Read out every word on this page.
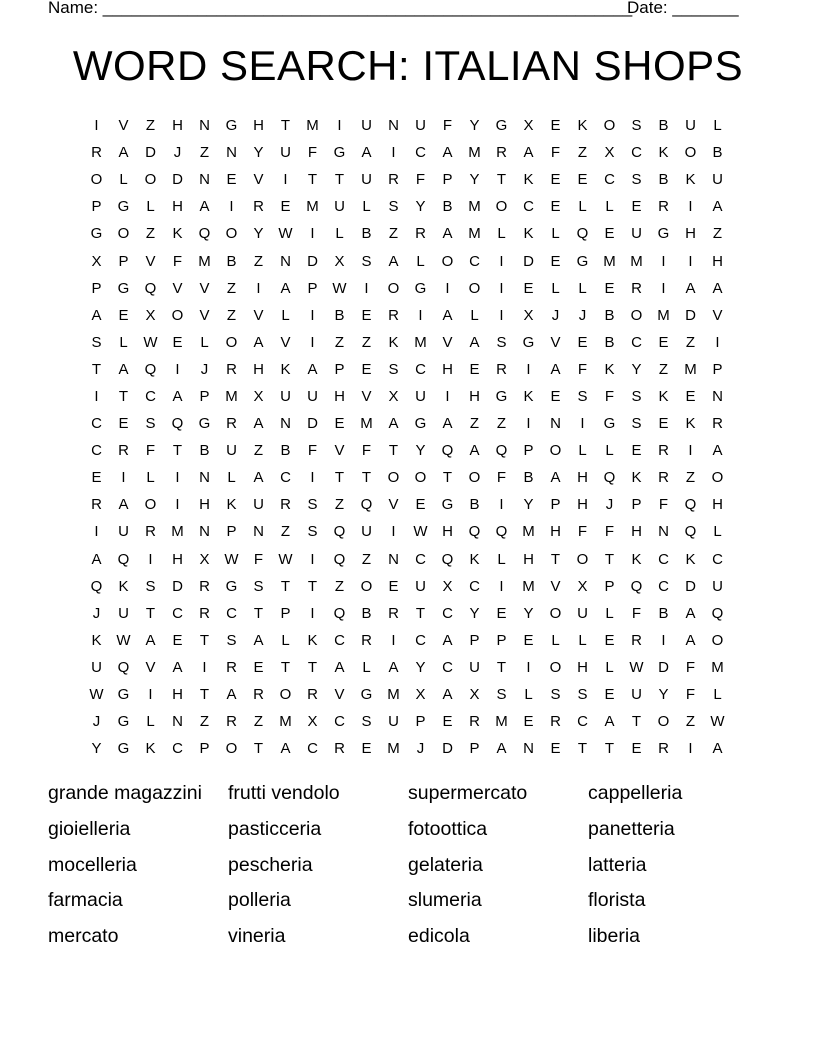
Name: ________________________________________________________
Date: _______
WORD SEARCH: ITALIAN SHOPS
I	V	Z	H	N	G	H	T	M	I	U	N	U	F	Y	G	X	E	K	O	S	B	U	L
R	A	D	J	Z	N	Y	U	F	G	A	I	C	A	M	R	A	F	Z	X	C	K	O	B
O	L	O	D	N	E	V	I	T	T	U	R	F	P	Y	T	K	E	E	C	S	B	K	U
P	G	L	H	A	I	R	E	M	U	L	S	Y	B	M O	C	E	L	L	E	R	I	A
G	O	Z	K	Q	O	Y W	I	L	B	Z	R	A	M	L	K	L	Q	E	U	G	H	Z
X	P	V	F	M	B	Z	N	D	X	S	A	L	O	C	I	D	E	G M M	I	I	H
P	G	Q	V	V	Z	I	A	P W	I	O	G	I	O	I	E	L	L	E	R	I	A	A
A	E	X	O	V	Z	V	L	I	B	E	R	I	A	L	I	X	J	J	B	O M	D	V
S	L	W E	L	O	A	V	I	Z	Z	K	M	V	A	S	G	V	E	B	C	E	Z	I
T	A	Q	I	J	R	H	K	A	P	E	S	C	H	E	R	I	A	F	K	Y	Z	M	P
I	T	C	A	P	M	X	U	U	H	V	X	U	I	H	G	K	E	S	F	S	K	E	N
C	E	S	Q	G	R	A	N	D	E	M	A	G	A	Z	Z	I	N	I	G	S	E	K	R
C	R	F	T	B	U	Z	B	F	V	F	T	Y	Q	A	Q	P	O	L	L	E	R	I	A
E	I	L	I	N	L	A	C	I	T	T	O	O	T	O	F	B	A	H	Q	K	R	Z	O
R	A	O	I	H	K	U	R	S	Z	Q	V	E	G	B	I	Y	P	H	J	P	F	Q	H
I	U	R	M	N	P	N	Z	S	Q	U	I	W H	Q	Q M	H	F	F	H	N	Q	L
A	Q	I	H	X W	F	W	I	Q	Z	N	C	Q	K	L	H	T	O	T	K	C	K	C
Q	K	S	D	R	G	S	T	T	Z	O	E	U	X	C	I	M	V	X	P	Q	C	D	U
J	U	T	C	R	C	T	P	I	Q	B	R	T	C	Y	E	Y	O	U	L	F	B	A	Q
K W A	E	T	S	A	L	K	C	R	I	C	A	P	P	E	L	L	E	R	I	A	O
U	Q	V	A	I	R	E	T	T	A	L	A	Y	C	U	T	I	O	H	L	W D	F	M
W G	I	H	T	A	R	O	R	V	G M	X	A	X	S	L	S	S	E	U	Y	F	L
J	G	L	N	Z	R	Z	M	X	C	S	U	P	E	R	M	E	R	C	A	T	O	Z	W
Y	G	K	C	P	O	T	A	C	R	E	M	J	D	P	A	N	E	T	T	E	R	I	A
grande magazzini	frutti vendolo	supermercato	cappelleria
gioielleria	pasticceria	fotoottica	panetteria
mocelleria	pescheria	gelateria	latteria
farmacia	polleria	slumeria	florista
mercato	vineria	edicola	liberia
